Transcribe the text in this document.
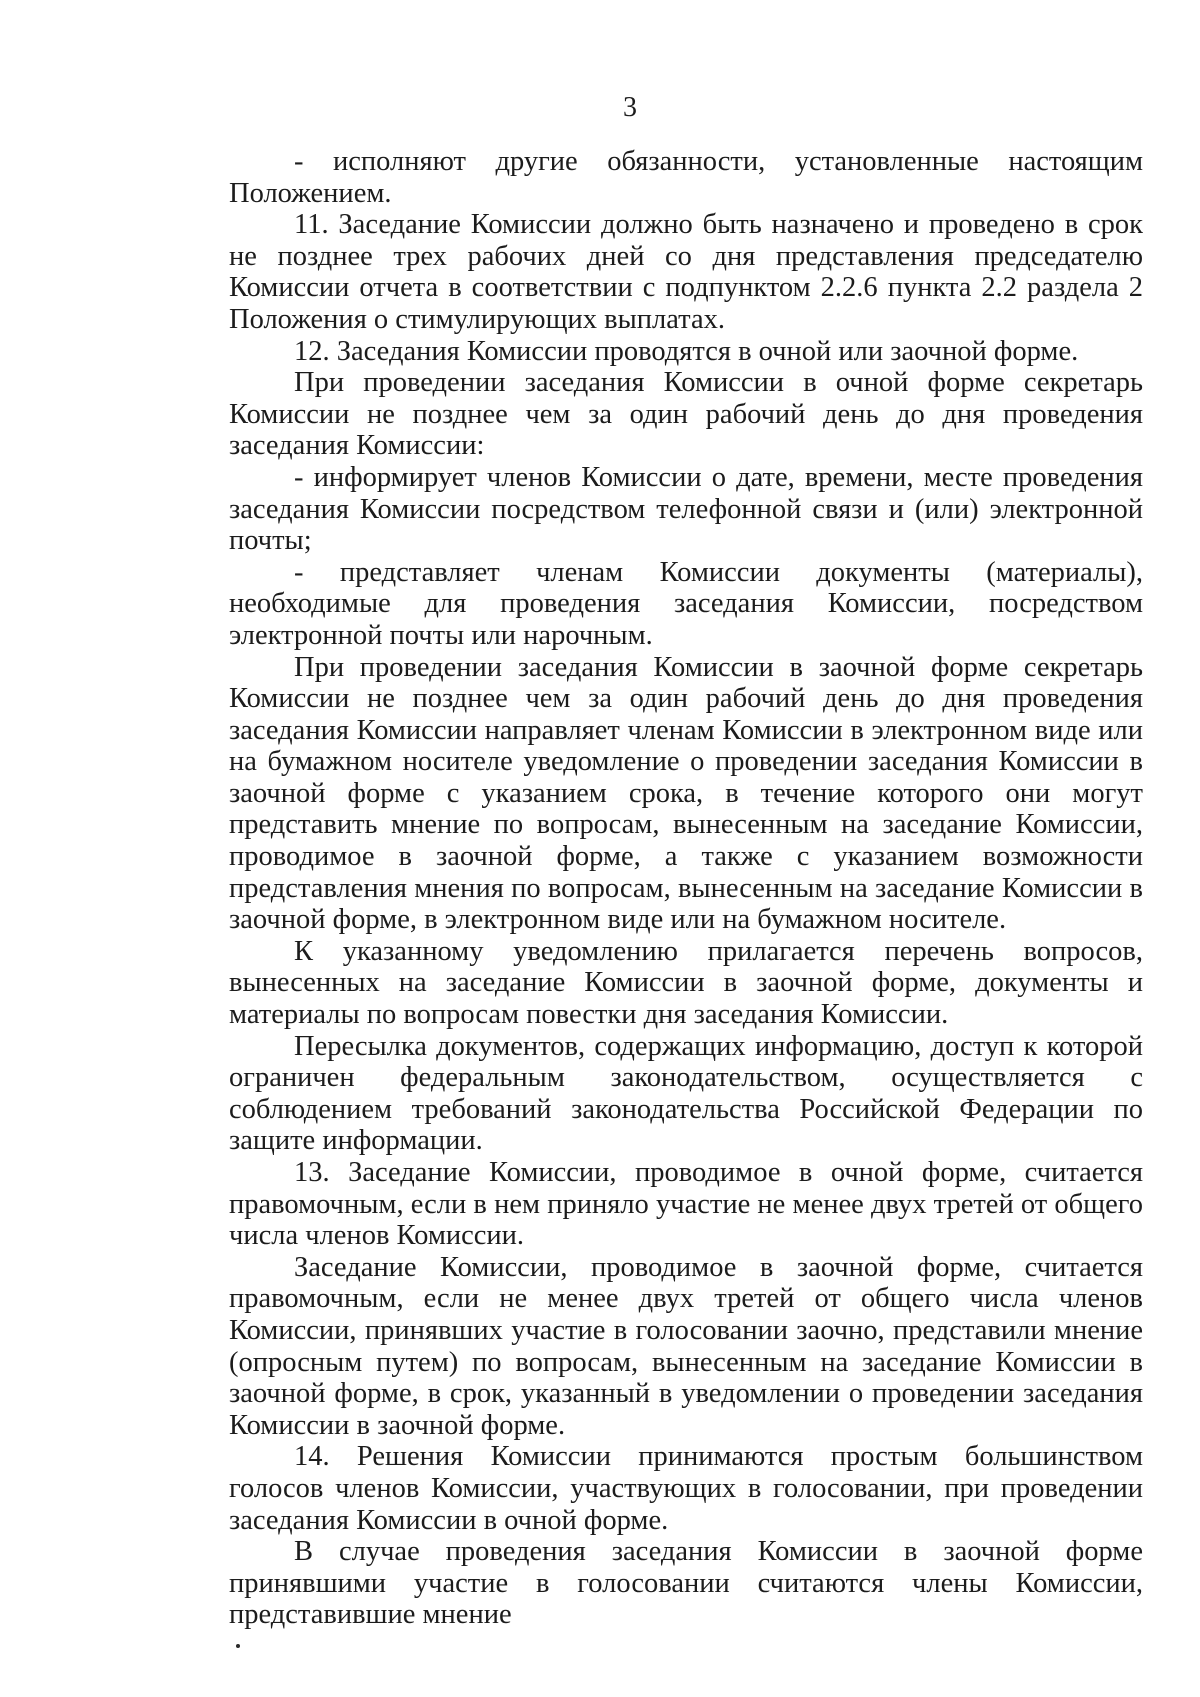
3

- исполняют другие обязанности, установленные настоящим Положением.

11. Заседание Комиссии должно быть назначено и проведено в срок не позднее трех рабочих дней со дня представления председателю Комиссии отчета в соответствии с подпунктом 2.2.6 пункта 2.2 раздела 2 Положения о стимулирующих выплатах.

12. Заседания Комиссии проводятся в очной или заочной форме.

При проведении заседания Комиссии в очной форме секретарь Комиссии не позднее чем за один рабочий день до дня проведения заседания Комиссии:

- информирует членов Комиссии о дате, времени, месте проведения заседания Комиссии посредством телефонной связи и (или) электронной почты;

- представляет членам Комиссии документы (материалы), необходимые для проведения заседания Комиссии, посредством электронной почты или нарочным.

При проведении заседания Комиссии в заочной форме секретарь Комиссии не позднее чем за один рабочий день до дня проведения заседания Комиссии направляет членам Комиссии в электронном виде или на бумажном носителе уведомление о проведении заседания Комиссии в заочной форме с указанием срока, в течение которого они могут представить мнение по вопросам, вынесенным на заседание Комиссии, проводимое в заочной форме, а также с указанием возможности представления мнения по вопросам, вынесенным на заседание Комиссии в заочной форме, в электронном виде или на бумажном носителе.

К указанному уведомлению прилагается перечень вопросов, вынесенных на заседание Комиссии в заочной форме, документы и материалы по вопросам повестки дня заседания Комиссии.

Пересылка документов, содержащих информацию, доступ к которой ограничен федеральным законодательством, осуществляется с соблюдением требований законодательства Российской Федерации по защите информации.

13. Заседание Комиссии, проводимое в очной форме, считается правомочным, если в нем приняло участие не менее двух третей от общего числа членов Комиссии.

Заседание Комиссии, проводимое в заочной форме, считается правомочным, если не менее двух третей от общего числа членов Комиссии, принявших участие в голосовании заочно, представили мнение (опросным путем) по вопросам, вынесенным на заседание Комиссии в заочной форме, в срок, указанный в уведомлении о проведении заседания Комиссии в заочной форме.

14. Решения Комиссии принимаются простым большинством голосов членов Комиссии, участвующих в голосовании, при проведении заседания Комиссии в очной форме.

В случае проведения заседания Комиссии в заочной форме принявшими участие в голосовании считаются члены Комиссии, представившие мнение
